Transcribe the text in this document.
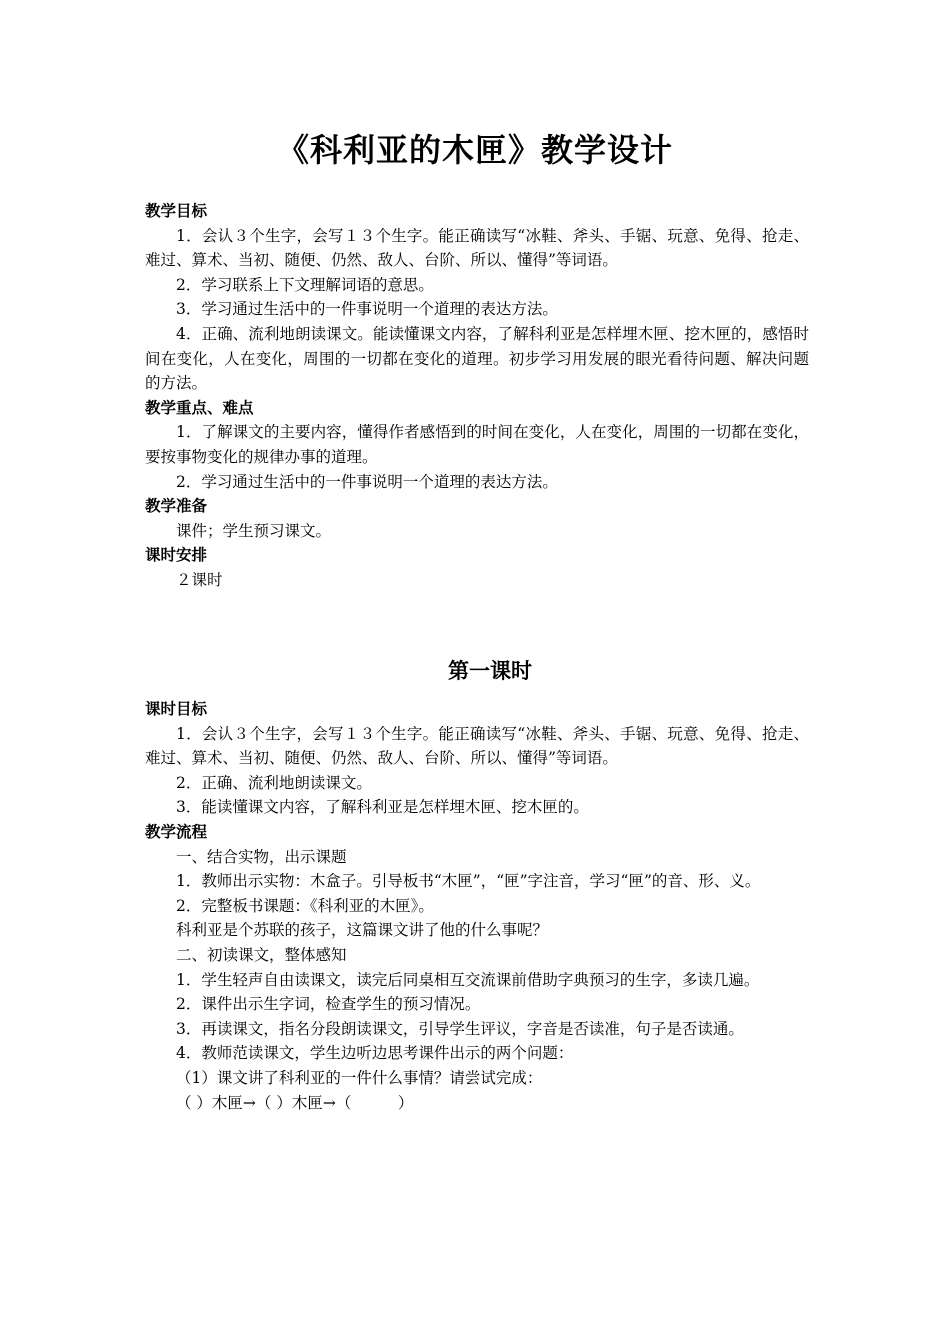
《科利亚的木匣》教学设计

教学目标

1．会认３个生字，会写１３个生字。能正确读写“冰鞋、斧头、手锯、玩意、免得、抢走、难过、算术、当初、随便、仍然、敌人、台阶、所以、懂得”等词语。

2．学习联系上下文理解词语的意思。

3．学习通过生活中的一件事说明一个道理的表达方法。

4．正确、流利地朗读课文。能读懂课文内容，了解科利亚是怎样埋木匣、挖木匣的，感悟时间在变化，人在变化，周围的一切都在变化的道理。初步学习用发展的眼光看待问题、解决问题的方法。

教学重点、难点

1．了解课文的主要内容，懂得作者感悟到的时间在变化，人在变化，周围的一切都在变化，要按事物变化的规律办事的道理。

2．学习通过生活中的一件事说明一个道理的表达方法。

教学准备

课件；学生预习课文。

课时安排

２课时

第一课时

课时目标

1．会认３个生字，会写１３个生字。能正确读写“冰鞋、斧头、手锯、玩意、免得、抢走、难过、算术、当初、随便、仍然、敌人、台阶、所以、懂得”等词语。

2．正确、流利地朗读课文。

3．能读懂课文内容，了解科利亚是怎样埋木匣、挖木匣的。

教学流程

一、结合实物，出示课题

1．教师出示实物：木盒子。引导板书“木匣”，“匣”字注音，学习“匣”的音、形、义。

2．完整板书课题：《科利亚的木匣》。

科利亚是个苏联的孩子，这篇课文讲了他的什么事呢？

二、初读课文，整体感知

1．学生轻声自由读课文，读完后同桌相互交流课前借助字典预习的生字，多读几遍。

2．课件出示生字词，检查学生的预习情况。

3．再读课文，指名分段朗读课文，引导学生评议，字音是否读准，句子是否读通。

4．教师范读课文，学生边听边思考课件出示的两个问题：

（1）课文讲了科利亚的一件什么事情？请尝试完成：

（ ）木匣→（ ）木匣→（　　　）
